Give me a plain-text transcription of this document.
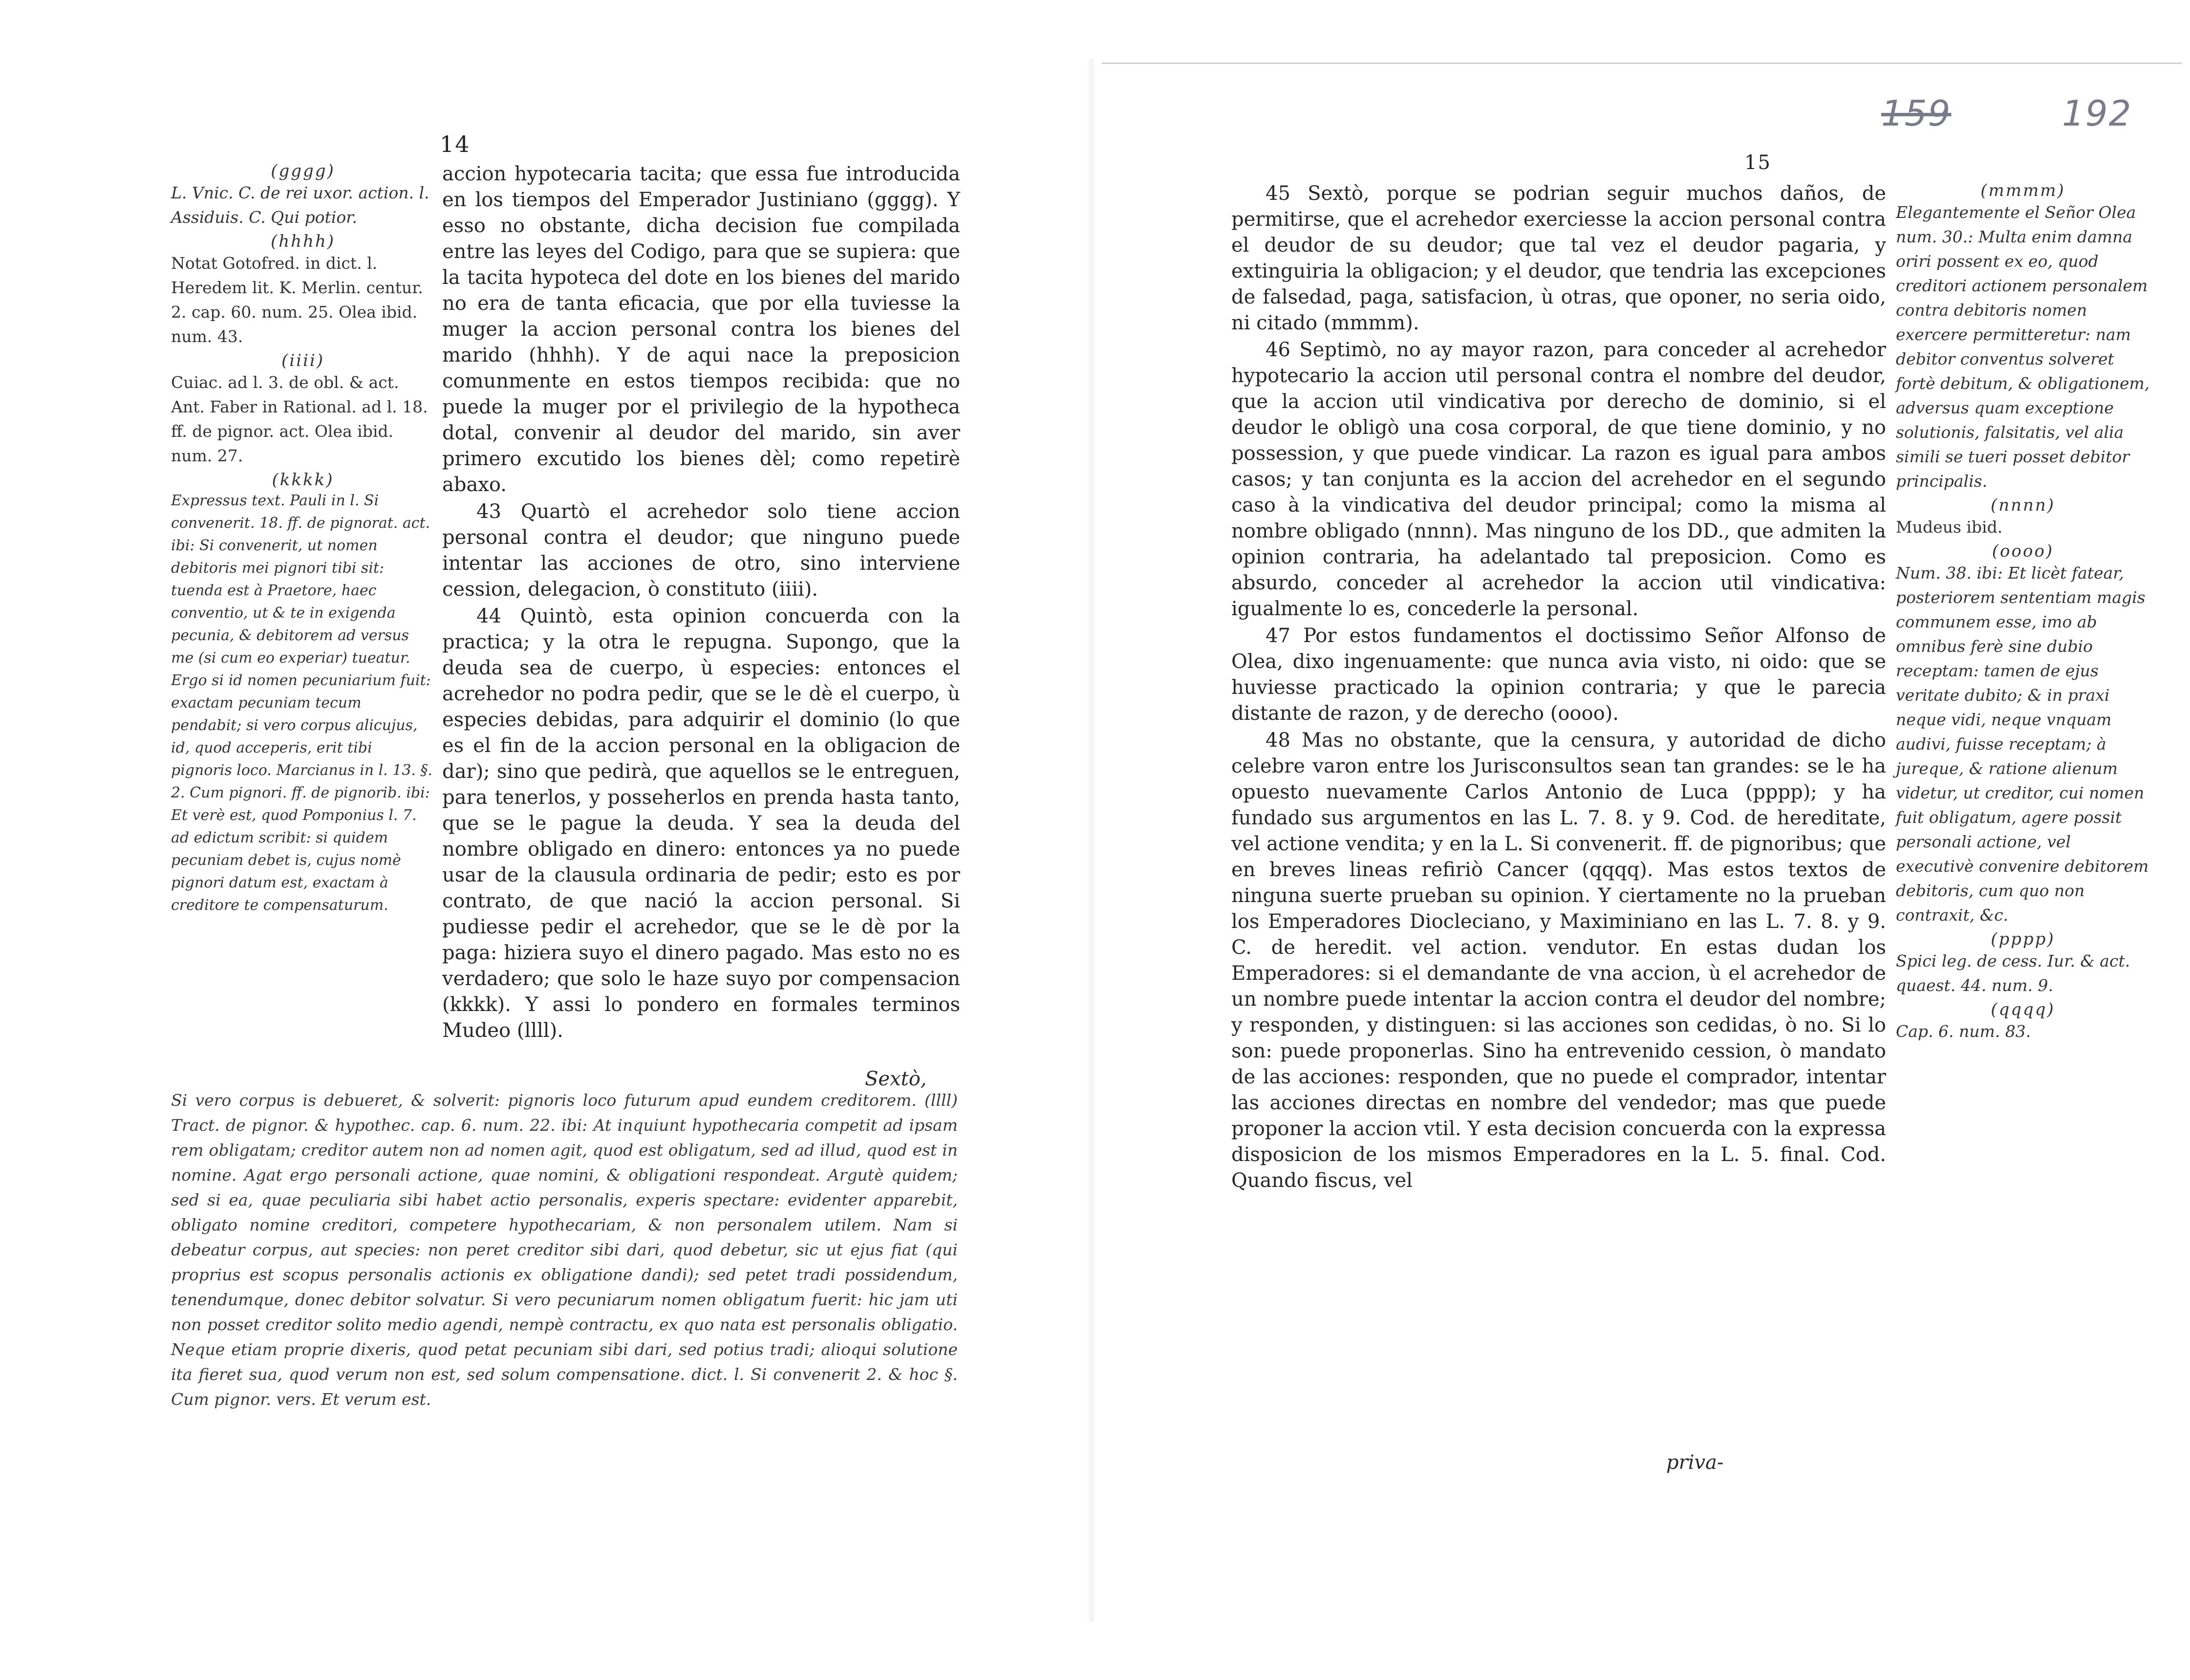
14
(gggg)
L. Vnic. C. de rei uxor. action. l. Assiduis. C. Qui potior.
(hhhh)
Notat Gotofred. in dict. l. Heredem lit. K. Merlin. centur. 2. cap. 60. num. 25. Olea ibid. num. 43.
(iiii)
Cuiac. ad l. 3. de obl. & act. Ant. Faber in Rational. ad l. 18. ff. de pignor. act. Olea ibid. num. 27.
(kkkk)
Expressus text. Pauli in l. Si convenerit. 18. ff. de pignorat. act. ibi: Si convenerit, ut nomen debitoris mei pignori tibi sit: tuenda est à Praetore, haec conventio, ut & te in exigenda pecunia, & debitorem ad versus me (si cum eo experiar) tueatur. Ergo si id nomen pecuniarium fuit: exactam pecuniam tecum pendabit; si vero corpus alicujus, id, quod acceperis, erit tibi pignoris loco. Marcianus in l. 13. §. 2. Cum pignori. ff. de pignorib. ibi: Et verè est, quod Pomponius l. 7. ad edictum scribit: si quidem pecuniam debet is, cujus nomè pignori datum est, exactam à creditore te compensaturum.

accion hypotecaria tacita; que essa fue introducida en los tiempos del Emperador Justiniano (gggg). Y esso no obstante, dicha decision fue compilada entre las leyes del Codigo, para que se supiera: que la tacita hypoteca del dote en los bienes del marido no era de tanta eficacia, que por ella tuviesse la muger la accion personal contra los bienes del marido (hhhh). Y de aqui nace la preposicion comunmente en estos tiempos recibida: que no puede la muger por el privilegio de la hypotheca dotal, convenir al deudor del marido, sin aver primero excutido los bienes dèl; como repetirè abaxo.

43 Quartò el acrehedor solo tiene accion personal contra el deudor; que ninguno puede intentar las acciones de otro, sino interviene cession, delegacion, ò constituto (iiii).

44 Quintò, esta opinion concuerda con la practica; y la otra le repugna. Supongo, que la deuda sea de cuerpo, ù especies: entonces el acrehedor no podra pedir, que se le dè el cuerpo, ù especies debidas, para adquirir el dominio (lo que es el fin de la accion personal en la obligacion de dar); sino que pedirà, que aquellos se le entreguen, para tenerlos, y posseherlos en prenda hasta tanto, que se le pague la deuda. Y sea la deuda del nombre obligado en dinero: entonces ya no puede usar de la clausula ordinaria de pedir; esto es por contrato, de que nació la accion personal. Si pudiesse pedir el acrehedor, que se le dè por la paga: hiziera suyo el dinero pagado. Mas esto no es verdadero; que solo le haze suyo por compensacion (kkkk). Y assi lo pondero en formales terminos Mudeo (llll).

Sextò,
Si vero corpus is debueret, & solverit: pignoris loco futurum apud eundem creditorem. (llll) Tract. de pignor. & hypothec. cap. 6. num. 22. ibi: At inquiunt hypothecaria competit ad ipsam rem obligatam; creditor autem non ad nomen agit, quod est obligatum, sed ad illud, quod est in nomine. Agat ergo personali actione, quae nomini, & obligationi respondeat. Argutè quidem; sed si ea, quae peculiaria sibi habet actio personalis, experis spectare: evidenter apparebit, obligato nomine creditori, competere hypothecariam, & non personalem utilem. Nam si debeatur corpus, aut species: non peret creditor sibi dari, quod debetur, sic ut ejus fiat (qui proprius est scopus personalis actionis ex obligatione dandi); sed petet tradi possidendum, tenendumque, donec debitor solvatur. Si vero pecuniarum nomen obligatum fuerit: hic jam uti non posset creditor solito medio agendi, nempè contractu, ex quo nata est personalis obligatio. Neque etiam proprie dixeris, quod petat pecuniam sibi dari, sed potius tradi; alioqui solutione ita fieret sua, quod verum non est, sed solum compensatione. dict. l. Si convenerit 2. & hoc §. Cum pignor. vers. Et verum est.
159	192
15

45 Sextò, porque se podrian seguir muchos daños, de permitirse, que el acrehedor exerciesse la accion personal contra el deudor de su deudor; que tal vez el deudor pagaria, y extinguiria la obligacion; y el deudor, que tendria las excepciones de falsedad, paga, satisfacion, ù otras, que oponer, no seria oido, ni citado (mmmm).

46 Septimò, no ay mayor razon, para conceder al acrehedor hypotecario la accion util personal contra el nombre del deudor, que la accion util vindicativa por derecho de dominio, si el deudor le obligò una cosa corporal, de que tiene dominio, y no possession, y que puede vindicar. La razon es igual para ambos casos; y tan conjunta es la accion del acrehedor en el segundo caso à la vindicativa del deudor principal; como la misma al nombre obligado (nnnn). Mas ninguno de los DD., que admiten la opinion contraria, ha adelantado tal preposicion. Como es absurdo, conceder al acrehedor la accion util vindicativa: igualmente lo es, concederle la personal.

47 Por estos fundamentos el doctissimo Señor Alfonso de Olea, dixo ingenuamente: que nunca avia visto, ni oido: que se huviesse practicado la opinion contraria; y que le parecia distante de razon, y de derecho (oooo).

48 Mas no obstante, que la censura, y autoridad de dicho celebre varon entre los Jurisconsultos sean tan grandes: se le ha opuesto nuevamente Carlos Antonio de Luca (pppp); y ha fundado sus argumentos en las L. 7. 8. y 9. Cod. de hereditate, vel actione vendita; y en la L. Si convenerit. ff. de pignoribus; que en breves lineas refiriò Cancer (qqqq). Mas estos textos de ninguna suerte prueban su opinion. Y ciertamente no la prueban los Emperadores Diocleciano, y Maximiniano en las L. 7. 8. y 9. C. de heredit. vel action. vendutor. En estas dudan los Emperadores: si el demandante de vna accion, ù el acrehedor de un nombre puede intentar la accion contra el deudor del nombre; y responden, y distinguen: si las acciones son cedidas, ò no. Si lo son: puede proponerlas. Sino ha entrevenido cession, ò mandato de las acciones: responden, que no puede el comprador, intentar las acciones directas en nombre del vendedor; mas que puede proponer la accion vtil. Y esta decision concuerda con la expressa disposicion de los mismos Emperadores en la L. 5. final. Cod. Quando fiscus, vel

priva-
(mmmm)
Elegantemente el Señor Olea num. 30.: Multa enim damna oriri possent ex eo, quod creditori actionem personalem contra debitoris nomen exercere permitteretur: nam debitor conventus solveret fortè debitum, & obligationem, adversus quam exceptione solutionis, falsitatis, vel alia simili se tueri posset debitor principalis.
(nnnn)
Mudeus ibid.
(oooo)
Num. 38. ibi: Et licèt fatear, posteriorem sententiam magis communem esse, imo ab omnibus ferè sine dubio receptam: tamen de ejus veritate dubito; & in praxi neque vidi, neque vnquam audivi, fuisse receptam; à jureque, & ratione alienum videtur, ut creditor, cui nomen fuit obligatum, agere possit personali actione, vel executivè convenire debitorem debitoris, cum quo non contraxit, &c.
(pppp)
Spici leg. de cess. Iur. & act. quaest. 44. num. 9.
(qqqq)
Cap. 6. num. 83.
